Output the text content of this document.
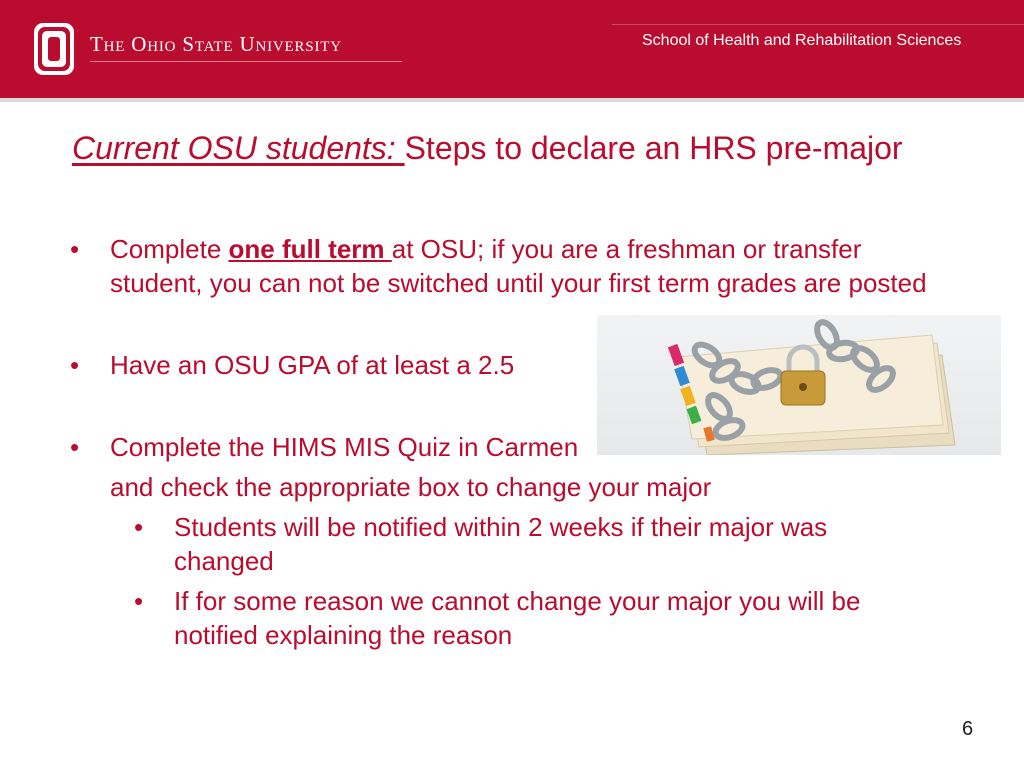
The Ohio State University	School of Health and Rehabilitation Sciences
Current OSU students: Steps to declare an HRS pre-major
• Complete one full term at OSU; if you are a freshman or transfer student, you can not be switched until your first term grades are posted
• Have an OSU GPA of at least a 2.5
• Complete the HIMS MIS Quiz in Carmen
and check the appropriate box to change your major
• Students will be notified within 2 weeks if their major was changed
• If for some reason we cannot change your major you will be notified explaining the reason
6
